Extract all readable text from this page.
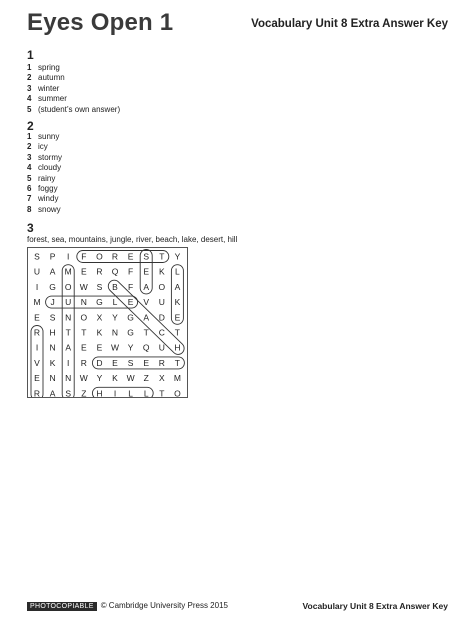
Eyes Open 1	Vocabulary Unit 8 Extra Answer Key
1
1 spring
2 autumn
3 winter
4 summer
5 (student’s own answer)
2
1 sunny
2 icy
3 stormy
4 cloudy
5 rainy
6 foggy
7 windy
8 snowy
3
forest, sea, mountains, jungle, river, beach, lake, desert, hill
S P I F O R E S T Y
U A M E R Q F E K L
I G O W S B F A O A
M J U N G L E V U K
E S N O X Y G A D E
R H T T K N G T C T
I N A E E W Y Q U H
V K I R D E S E R T
E N N W Y K W Z X M
R A S Z H I L L T O
PHOTOCOPIABLE © Cambridge University Press 2015	Vocabulary Unit 8 Extra Answer Key
